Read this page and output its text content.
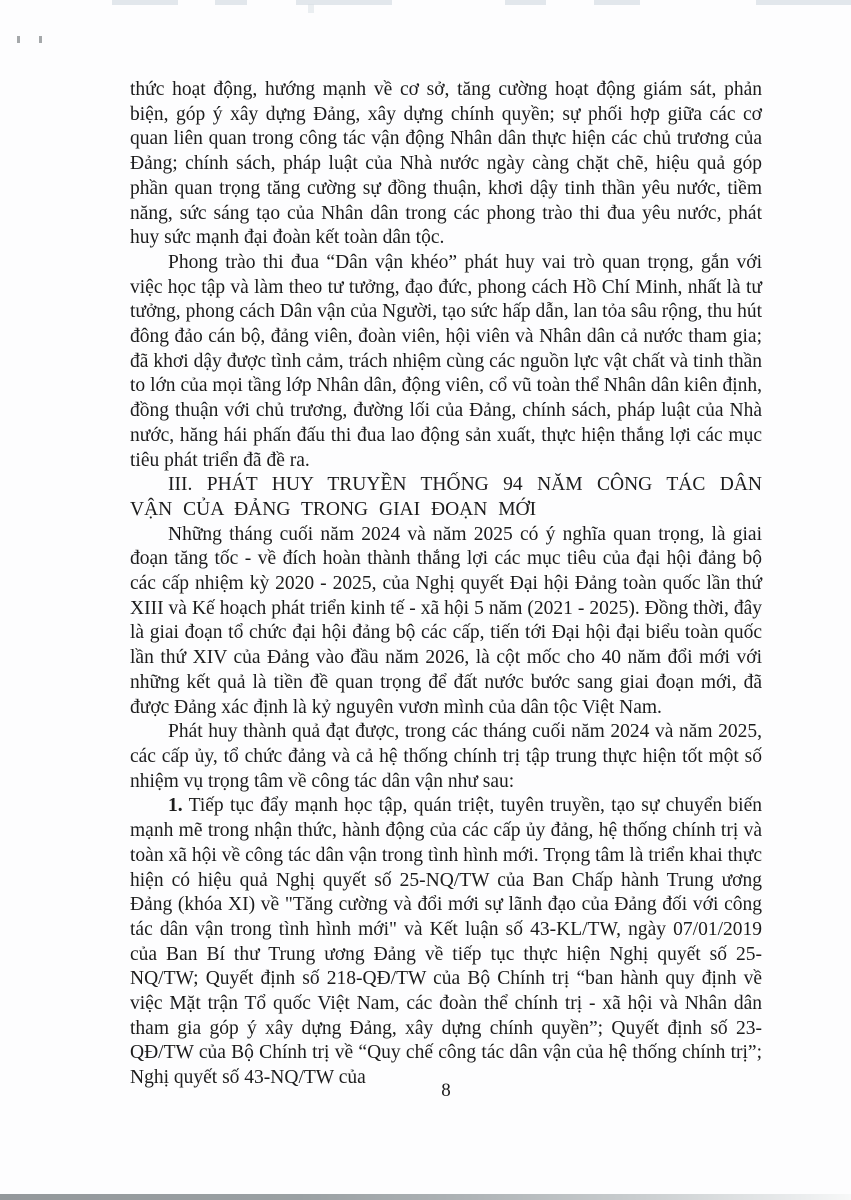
thức hoạt động, hướng mạnh về cơ sở, tăng cường hoạt động giám sát, phản biện, góp ý xây dựng Đảng, xây dựng chính quyền; sự phối hợp giữa các cơ quan liên quan trong công tác vận động Nhân dân thực hiện các chủ trương của Đảng; chính sách, pháp luật của Nhà nước ngày càng chặt chẽ, hiệu quả góp phần quan trọng tăng cường sự đồng thuận, khơi dậy tinh thần yêu nước, tiềm năng, sức sáng tạo của Nhân dân trong các phong trào thi đua yêu nước, phát huy sức mạnh đại đoàn kết toàn dân tộc.

Phong trào thi đua “Dân vận khéo” phát huy vai trò quan trọng, gắn với việc học tập và làm theo tư tưởng, đạo đức, phong cách Hồ Chí Minh, nhất là tư tưởng, phong cách Dân vận của Người, tạo sức hấp dẫn, lan tỏa sâu rộng, thu hút đông đảo cán bộ, đảng viên, đoàn viên, hội viên và Nhân dân cả nước tham gia; đã khơi dậy được tình cảm, trách nhiệm cùng các nguồn lực vật chất và tinh thần to lớn của mọi tầng lớp Nhân dân, động viên, cổ vũ toàn thể Nhân dân kiên định, đồng thuận với chủ trương, đường lối của Đảng, chính sách, pháp luật của Nhà nước, hăng hái phấn đấu thi đua lao động sản xuất, thực hiện thắng lợi các mục tiêu phát triển đã đề ra.

III. PHÁT HUY TRUYỀN THỐNG 94 NĂM CÔNG TÁC DÂN VẬN CỦA ĐẢNG TRONG GIAI ĐOẠN MỚI

Những tháng cuối năm 2024 và năm 2025 có ý nghĩa quan trọng, là giai đoạn tăng tốc - về đích hoàn thành thắng lợi các mục tiêu của đại hội đảng bộ các cấp nhiệm kỳ 2020 - 2025, của Nghị quyết Đại hội Đảng toàn quốc lần thứ XIII và Kế hoạch phát triển kinh tế - xã hội 5 năm (2021 - 2025). Đồng thời, đây là giai đoạn tổ chức đại hội đảng bộ các cấp, tiến tới Đại hội đại biểu toàn quốc lần thứ XIV của Đảng vào đầu năm 2026, là cột mốc cho 40 năm đổi mới với những kết quả là tiền đề quan trọng để đất nước bước sang giai đoạn mới, đã được Đảng xác định là kỷ nguyên vươn mình của dân tộc Việt Nam.

Phát huy thành quả đạt được, trong các tháng cuối năm 2024 và năm 2025, các cấp ủy, tổ chức đảng và cả hệ thống chính trị tập trung thực hiện tốt một số nhiệm vụ trọng tâm về công tác dân vận như sau:

1. Tiếp tục đẩy mạnh học tập, quán triệt, tuyên truyền, tạo sự chuyển biến mạnh mẽ trong nhận thức, hành động của các cấp ủy đảng, hệ thống chính trị và toàn xã hội về công tác dân vận trong tình hình mới. Trọng tâm là triển khai thực hiện có hiệu quả Nghị quyết số 25-NQ/TW của Ban Chấp hành Trung ương Đảng (khóa XI) về "Tăng cường và đổi mới sự lãnh đạo của Đảng đối với công tác dân vận trong tình hình mới" và Kết luận số 43-KL/TW, ngày 07/01/2019 của Ban Bí thư Trung ương Đảng về tiếp tục thực hiện Nghị quyết số 25-NQ/TW; Quyết định số 218-QĐ/TW của Bộ Chính trị “ban hành quy định về việc Mặt trận Tổ quốc Việt Nam, các đoàn thể chính trị - xã hội và Nhân dân tham gia góp ý xây dựng Đảng, xây dựng chính quyền”; Quyết định số 23-QĐ/TW của Bộ Chính trị về “Quy chế công tác dân vận của hệ thống chính trị”; Nghị quyết số 43-NQ/TW của

8
